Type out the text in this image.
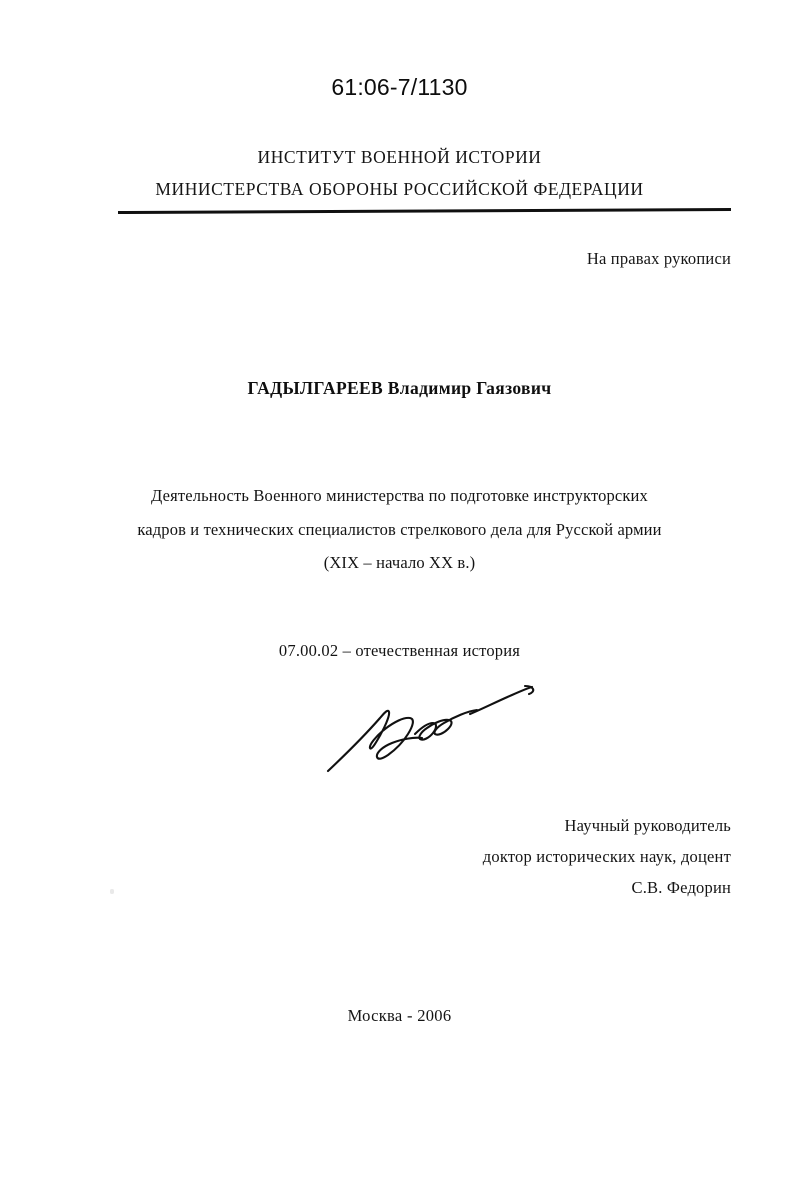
61:06-7/1130
ИНСТИТУТ ВОЕННОЙ ИСТОРИИ
МИНИСТЕРСТВА ОБОРОНЫ РОССИЙСКОЙ ФЕДЕРАЦИИ
На правах рукописи
ГАДЫЛГАРЕЕВ Владимир Гаязович
Деятельность Военного министерства по подготовке инструкторских
кадров и технических специалистов стрелкового дела для Русской армии
(XIX – начало XX в.)
07.00.02 – отечественная история
Научный руководитель
доктор исторических наук, доцент
С.В. Федорин
Москва - 2006
